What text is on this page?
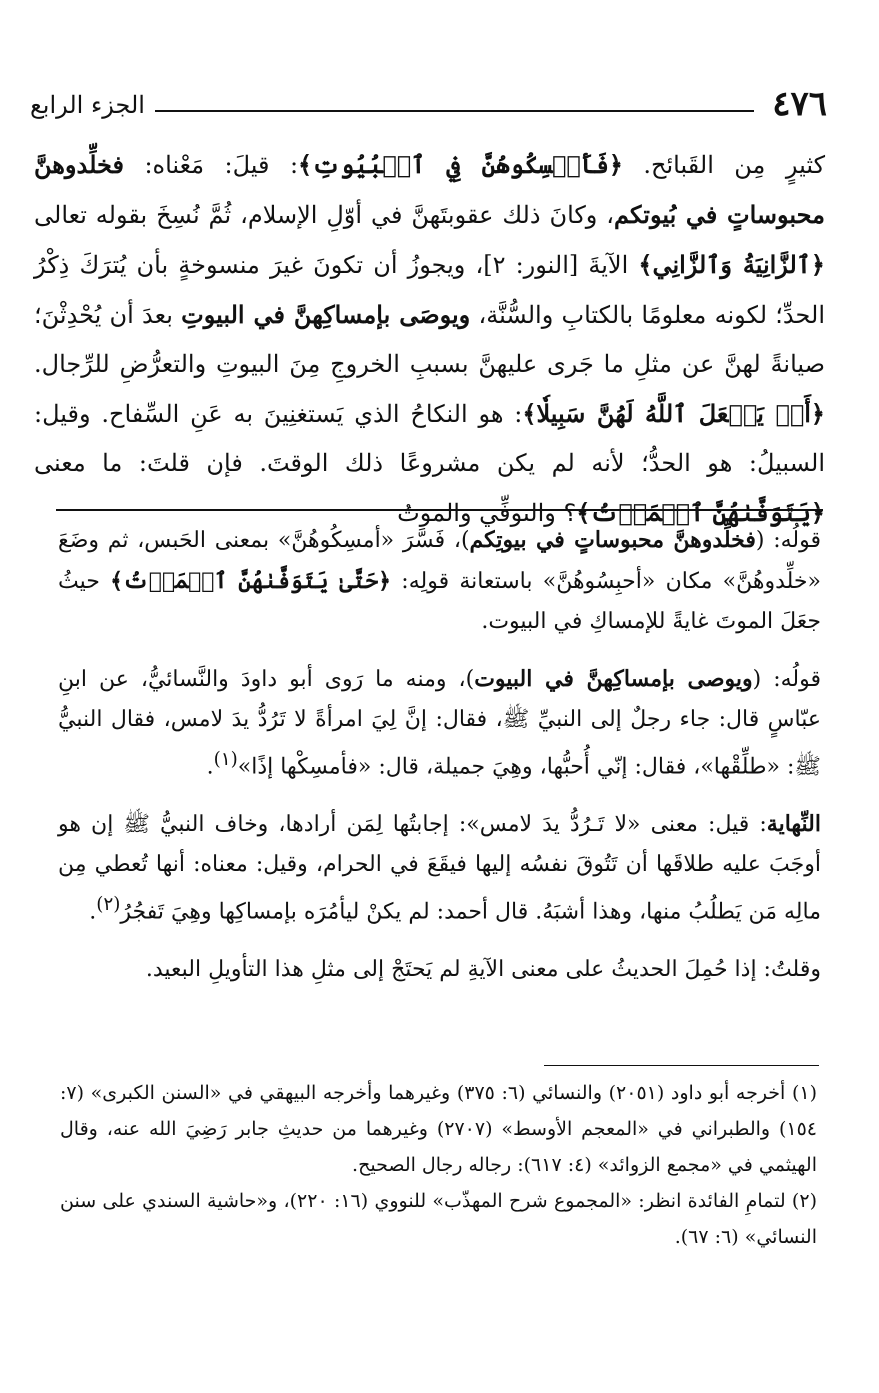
٤٧٦
الجزء الرابع

كثيرٍ مِن القَبائح. ﴿فَأَمۡسِكُوهُنَّ فِي ٱلۡبُيُوتِ﴾: قيلَ: مَعْناه: فخلِّدوهنَّ محبوساتٍ في بُيوتكم، وكانَ ذلك عقوبتَهنَّ في أوّلِ الإسلام، ثُمَّ نُسِخَ بقوله تعالى ﴿ٱلزَّانِيَةُ وَٱلزَّانِي﴾ الآيةَ [النور: ٢]، ويجوزُ أن تكونَ غيرَ منسوخةٍ بأن يُترَكَ ذِكْرُ الحدِّ؛ لكونه معلومًا بالكتابِ والسُّنَّة، ويوصَى بإمساكِهنَّ في البيوتِ بعدَ أن يُحْدِثْنَ؛ صيانةً لهنَّ عن مثلِ ما جَرى عليهنَّ بسببِ الخروجِ مِنَ البيوتِ والتعرُّضِ للرِّجال. ﴿أَوۡ يَجۡعَلَ ٱللَّهُ لَهُنَّ سَبِيلٗا﴾: هو النكاحُ الذي يَستغنِينَ به عَنِ السِّفاح. وقيل: السبيلُ: هو الحدُّ؛ لأنه لم يكن مشروعًا ذلك الوقتَ. فإن قلتَ: ما معنى ﴿يَتَوَفَّىٰهُنَّ ٱلۡمَوۡتُ﴾؟ والتوفِّي والموتُ

قولُه: (فخلِّدوهنَّ محبوساتٍ في بيوتِكم)، فَسَّرَ «أمسِكُوهُنَّ» بمعنى الحَبس، ثم وضَعَ «خلِّدوهُنَّ» مكان «أحبِسُوهُنَّ» باستعانة قولِه: ﴿حَتَّىٰ يَتَوَفَّىٰهُنَّ ٱلۡمَوۡتُ﴾ حيثُ جعَلَ الموتَ غايةً للإمساكِ في البيوت.

قولُه: (ويوصى بإمساكِهنَّ في البيوت)، ومنه ما رَوى أبو داودَ والنَّسائيُّ، عن ابنِ عبّاسٍ قال: جاء رجلٌ إلى النبيِّ ﷺ، فقال: إنَّ لِيَ امرأةً لا تَرُدُّ يدَ لامس، فقال النبيُّ ﷺ: «طلِّقْها»، فقال: إنّي أُحبُّها، وهِيَ جميلة، قال: «فأمسِكْها إذًا»$^{(١)}$.

النِّهاية: قيل: معنى «لا تَـرُدُّ يدَ لامس»: إجابتُها لِمَن أرادها، وخاف النبيُّ ﷺ إن هو أوجَبَ عليه طلاقَها أن تَتُوقَ نفسُه إليها فيقَعَ في الحرام، وقيل: معناه: أنها تُعطي مِن مالِه مَن يَطلُبُ منها، وهذا أشبَهُ. قال أحمد: لم يكنْ ليأمُرَه بإمساكِها وهِيَ تَفجُرُ$^{(٢)}$.

وقلتُ: إذا حُمِلَ الحديثُ على معنى الآيةِ لم يَحتَجْ إلى مثلِ هذا التأويلِ البعيد.

(١) أخرجه أبو داود (٢٠٥١) والنسائي (٦: ٣٧٥) وغيرهما وأخرجه البيهقي في «السنن الكبرى» (٧: ١٥٤) والطبراني في «المعجم الأوسط» (٢٧٠٧) وغيرهما من حديثِ جابر رَضِيَ الله عنه، وقال الهيثمي في «مجمع الزوائد» (٤: ٦١٧): رجاله رجال الصحيح.

(٢) لتمامِ الفائدة انظر: «المجموع شرح المهذّب» للنووي (١٦: ٢٢٠)، و«حاشية السندي على سنن النسائي» (٦: ٦٧).
